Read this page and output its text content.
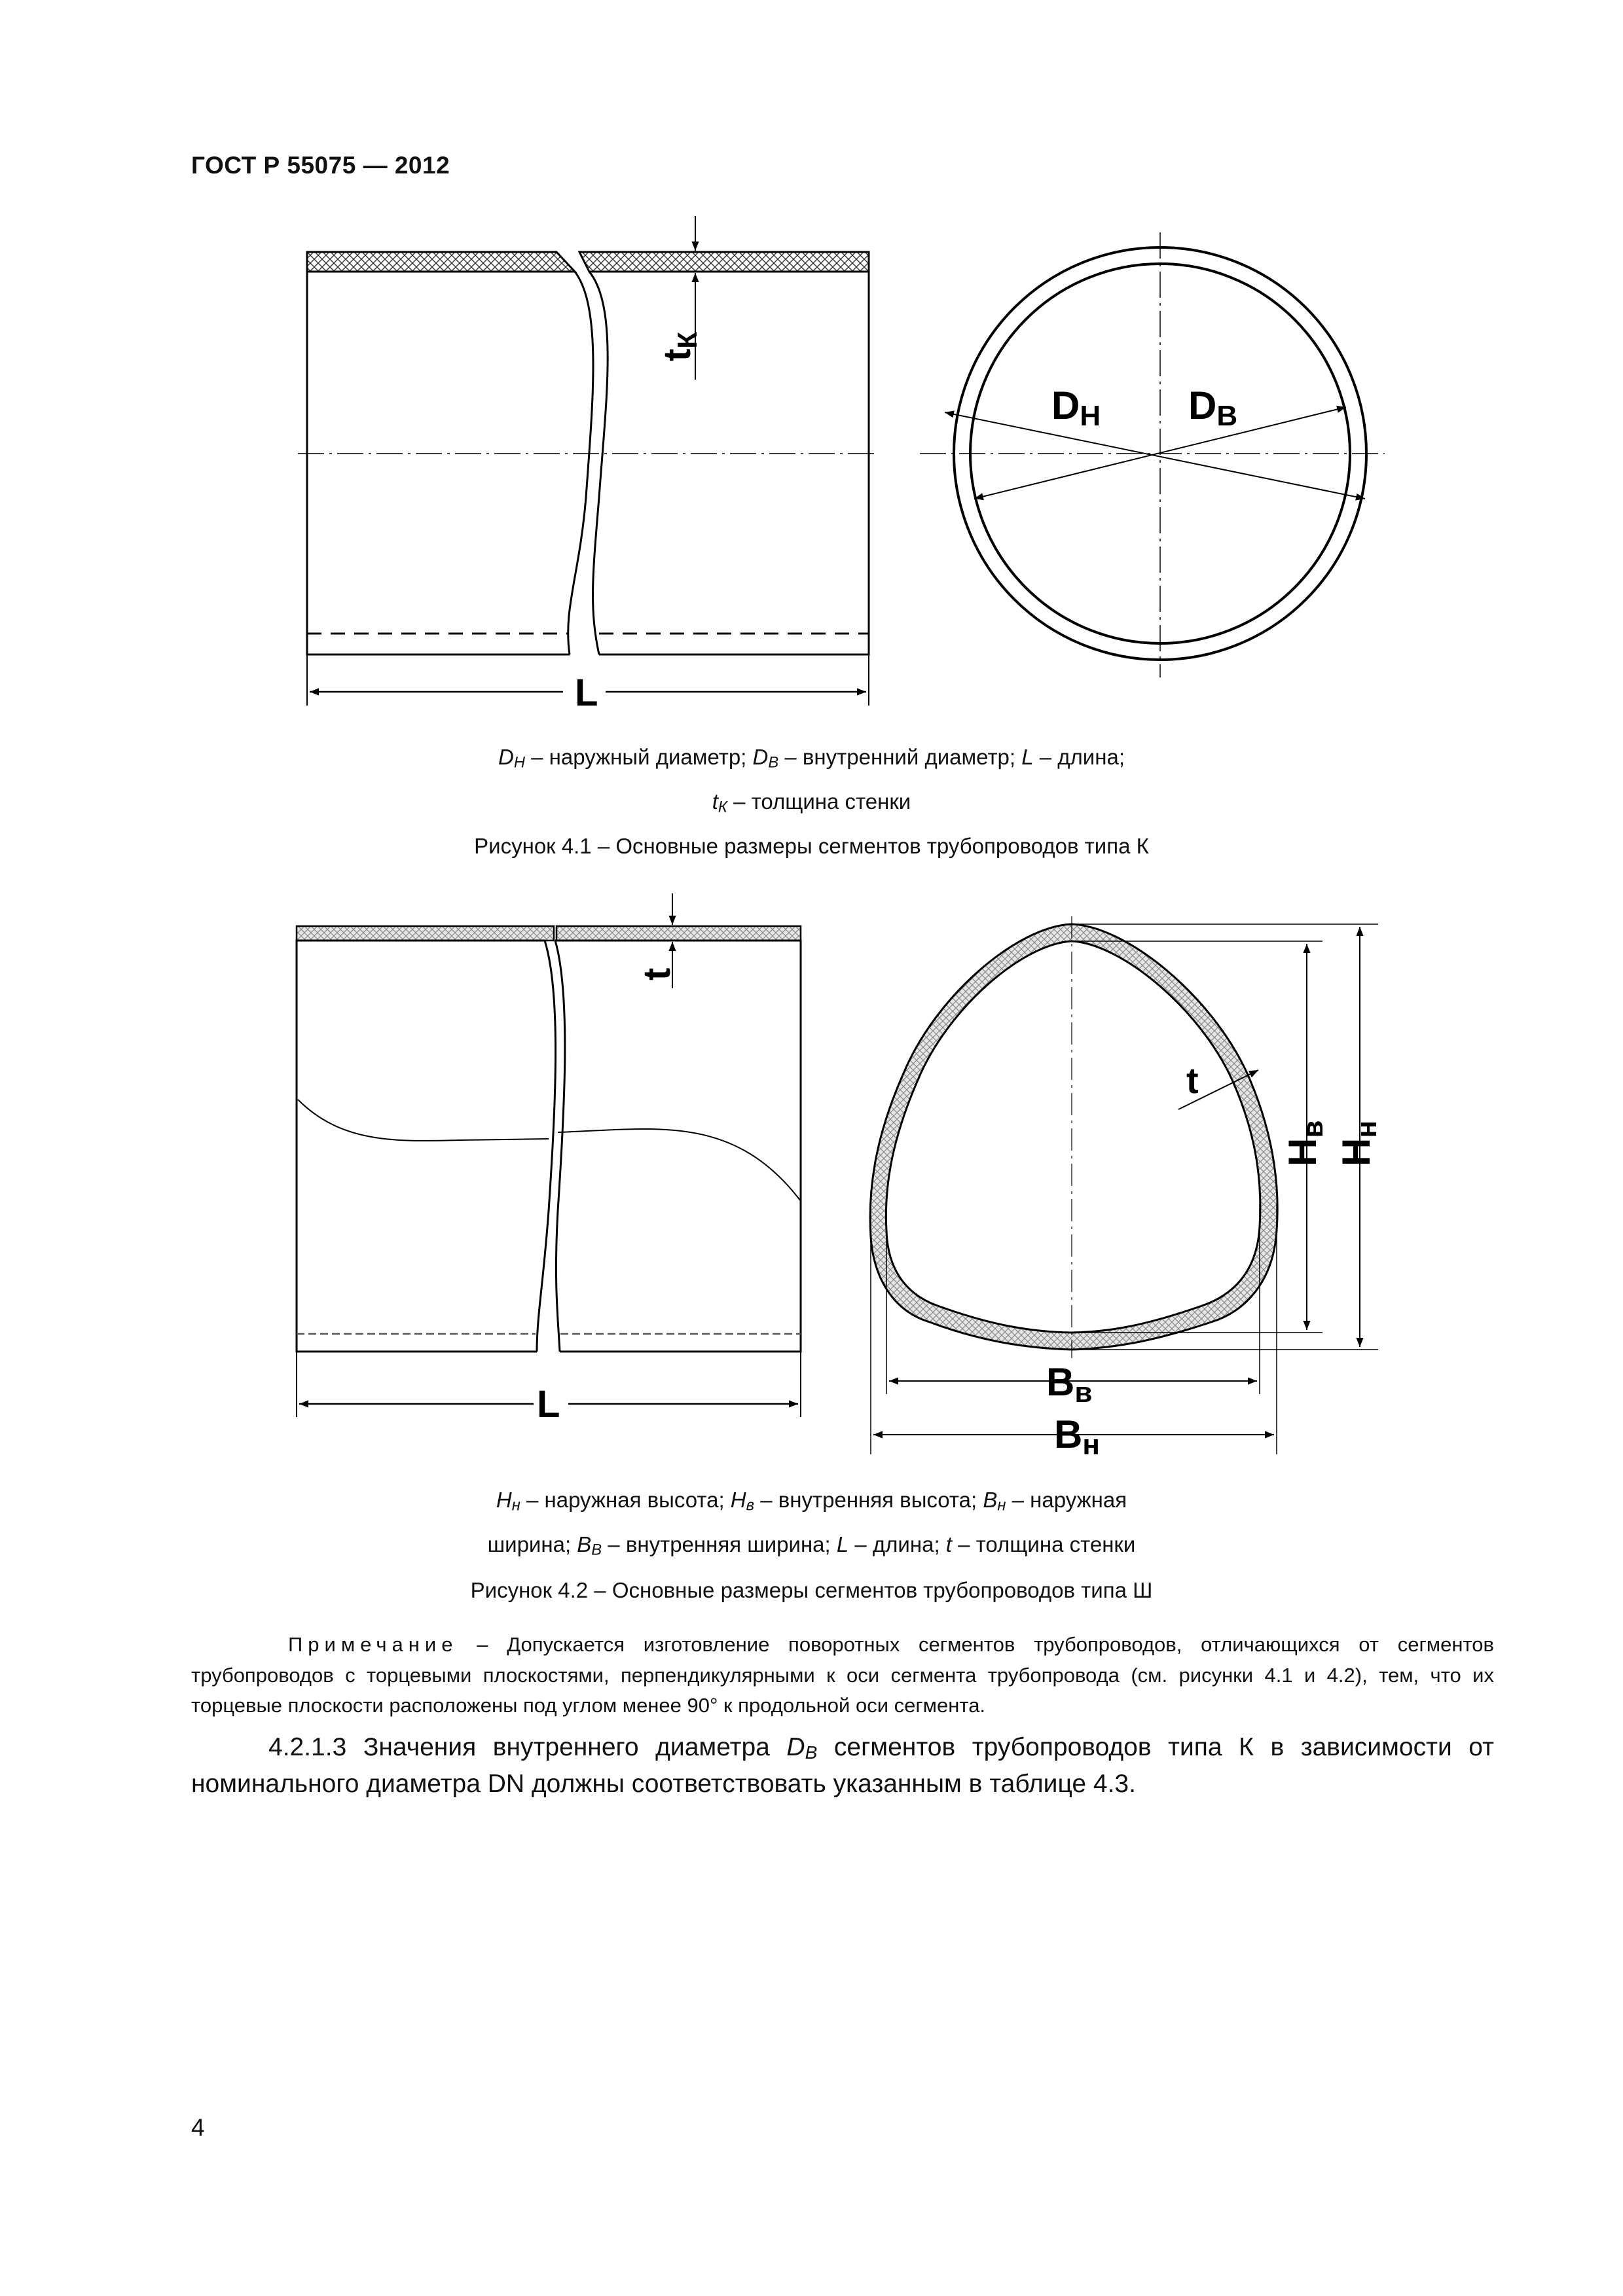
ГОСТ Р 55075 — 2012
L
tК
DН DВ
L
t
t
Hв
Hн
Bв
Bн
$D_Н$ – наружный диаметр; $D_В$ – внутренний диаметр; L – длина;
$t_К$ – толщина стенки
Рисунок 4.1 – Основные размеры сегментов трубопроводов типа К
$H_н$ – наружная высота; $H_в$ – внутренняя высота; $B_н$ – наружная
ширина; $B_В$ – внутренняя ширина; L – длина; t – толщина стенки
Рисунок 4.2 – Основные размеры сегментов трубопроводов типа Ш
Примечание – Допускается изготовление поворотных сегментов трубопроводов, отличающихся от сегментов трубопроводов с торцевыми плоскостями, перпендикулярными к оси сегмента трубопровода (см. рисунки 4.1 и 4.2), тем, что их торцевые плоскости расположены под углом менее 90° к продольной оси сегмента.
4.2.1.3 Значения внутреннего диаметра $D_В$ сегментов трубопроводов типа К в зависимости от номинального диаметра DN должны соответствовать указанным в таблице 4.3.
4
